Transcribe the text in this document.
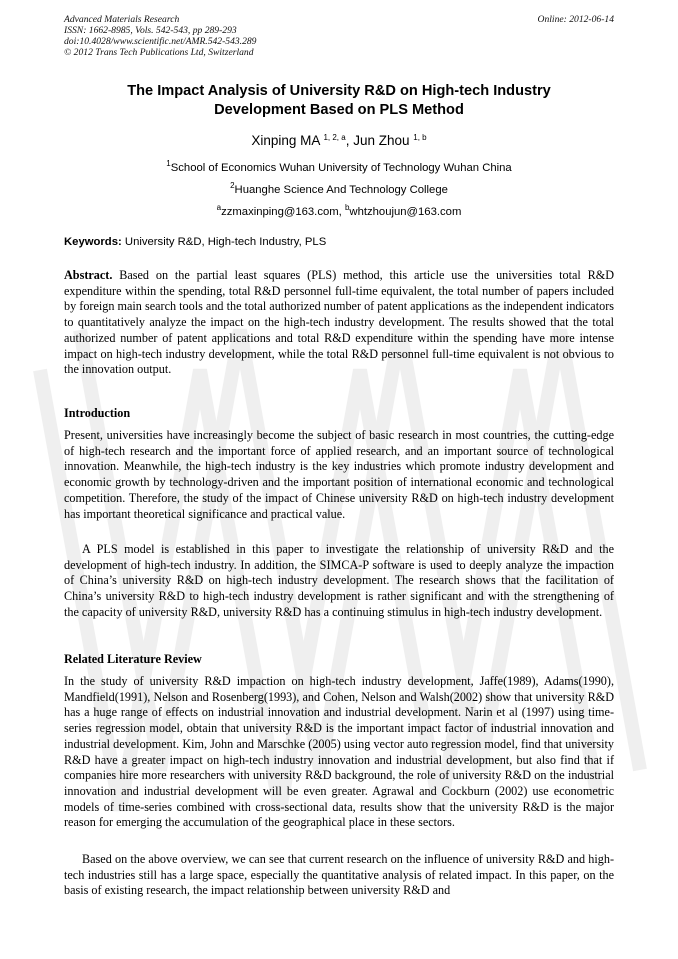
Advanced Materials Research
ISSN: 1662-8985, Vols. 542-543, pp 289-293
doi:10.4028/www.scientific.net/AMR.542-543.289
© 2012 Trans Tech Publications Ltd, Switzerland
Online: 2012-06-14
The Impact Analysis of University R&D on High-tech Industry
Development Based on PLS Method
Xinping MA $^{1, 2, a}$, Jun Zhou $^{1, b}$
$^1$School of Economics Wuhan University of Technology Wuhan China
$^2$Huanghe Science And Technology College
$^a$zzmaxinping@163.com, $^b$whtzhoujun@163.com
Keywords: University R&D, High-tech Industry, PLS

Abstract. Based on the partial least squares (PLS) method, this article use the universities total R&D expenditure within the spending, total R&D personnel full-time equivalent, the total number of papers included by foreign main search tools and the total authorized number of patent applications as the independent indicators to quantitatively analyze the impact on the high-tech industry development. The results showed that the total authorized number of patent applications and total R&D expenditure within the spending have more intense impact on high-tech industry development, while the total R&D personnel full-time equivalent is not obvious to the innovation output.

Introduction

Present, universities have increasingly become the subject of basic research in most countries, the cutting-edge of high-tech research and the important force of applied research, and an important source of technological innovation. Meanwhile, the high-tech industry is the key industries which promote industry development and economic growth by technology-driven and the important position of international economic and technological competition. Therefore, the study of the impact of Chinese university R&D on high-tech industry development has important theoretical significance and practical value.

A PLS model is established in this paper to investigate the relationship of university R&D and the development of high-tech industry. In addition, the SIMCA-P software is used to deeply analyze the impaction of China’s university R&D on high-tech industry development. The research shows that the facilitation of China’s university R&D to high-tech industry development is rather significant and with the strengthening of the capacity of university R&D, university R&D has a continuing stimulus in high-tech industry development.

Related Literature Review

In the study of university R&D impaction on high-tech industry development, Jaffe(1989), Adams(1990), Mandfield(1991), Nelson and Rosenberg(1993), and Cohen, Nelson and Walsh(2002) show that university R&D has a huge range of effects on industrial innovation and industrial development. Narin et al (1997) using time-series regression model, obtain that university R&D is the important impact factor of industrial innovation and industrial development. Kim, John and Marschke (2005) using vector auto regression model, find that university R&D have a greater impact on high-tech industry innovation and industrial development, but also find that if companies hire more researchers with university R&D background, the role of university R&D on the industrial innovation and industrial development will be even greater. Agrawal and Cockburn (2002) use econometric models of time-series combined with cross-sectional data, results show that the university R&D is the major reason for emerging the accumulation of the geographical place in these sectors.

Based on the above overview, we can see that current research on the influence of university R&D and high-tech industries still has a large space, especially the quantitative analysis of related impact. In this paper, on the basis of existing research, the impact relationship between university R&D and
